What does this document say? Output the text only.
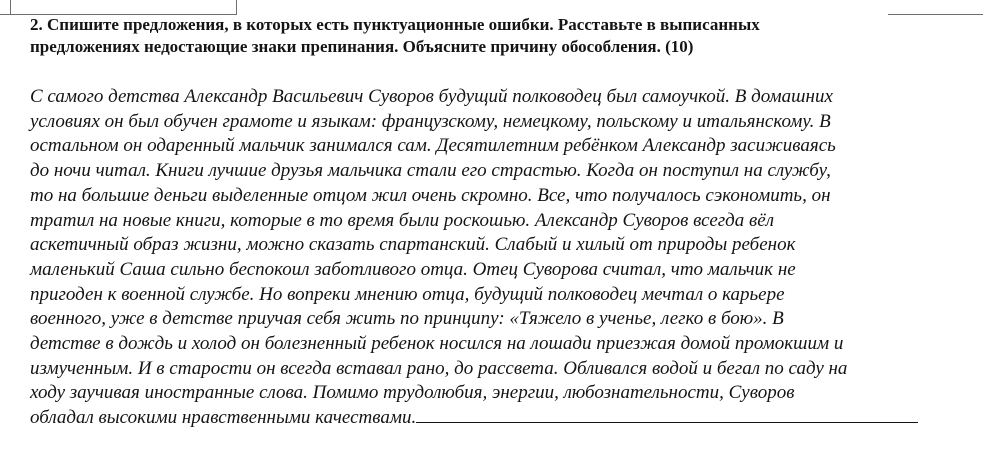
2. Спишите предложения, в которых есть пунктуационные ошибки. Расставьте в выписанных
предложениях недостающие знаки препинания. Объясните причину обособления. (10)
С самого детства Александр Васильевич Суворов будущий полководец был самоучкой. В домашних
условиях он был обучен грамоте и языкам: французскому, немецкому, польскому и итальянскому. В
остальном он одаренный мальчик занимался сам. Десятилетним ребёнком Александр засиживаясь
до ночи читал. Книги лучшие друзья мальчика стали его страстью. Когда он поступил на службу,
то на большие деньги выделенные отцом жил очень скромно. Все, что получалось сэкономить, он
тратил на новые книги, которые в то время были роскошью. Александр Суворов всегда вёл
аскетичный образ жизни, можно сказать спартанский. Слабый и хилый от природы ребенок
маленький Саша сильно беспокоил заботливого отца. Отец Суворова считал, что мальчик не
пригоден к военной службе. Но вопреки мнению отца, будущий полководец мечтал о карьере
военного, уже в детстве приучая себя жить по принципу: «Тяжело в ученье, легко в бою». В
детстве в дождь и холод он болезненный ребенок носился на лошади приезжая домой промокшим и
измученным. И в старости он всегда вставал рано, до рассвета. Обливался водой и бегал по саду на
ходу заучивая иностранные слова. Помимо трудолюбия, энергии, любознательности, Суворов
обладал высокими нравственными качествами.
